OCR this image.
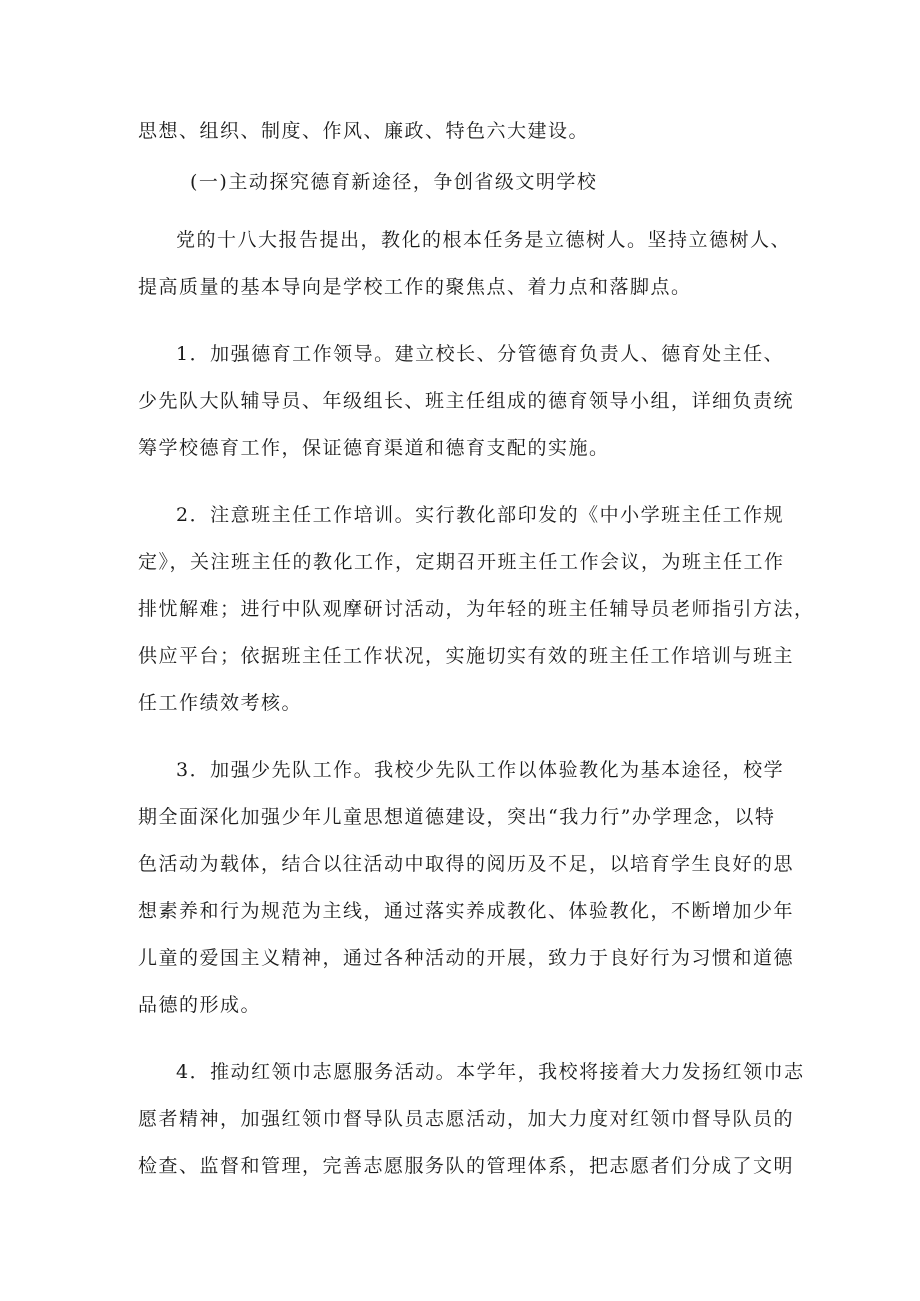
思想、组织、制度、作风、廉政、特色六大建设。
(一)主动探究德育新途径，争创省级文明学校
党的十八大报告提出，教化的根本任务是立德树人。坚持立德树人、
提高质量的基本导向是学校工作的聚焦点、着力点和落脚点。
1．加强德育工作领导。建立校长、分管德育负责人、德育处主任、
少先队大队辅导员、年级组长、班主任组成的德育领导小组，详细负责统
筹学校德育工作，保证德育渠道和德育支配的实施。
2．注意班主任工作培训。实行教化部印发的《中小学班主任工作规
定》，关注班主任的教化工作，定期召开班主任工作会议，为班主任工作
排忧解难；进行中队观摩研讨活动，为年轻的班主任辅导员老师指引方法，
供应平台；依据班主任工作状况，实施切实有效的班主任工作培训与班主
任工作绩效考核。
3．加强少先队工作。我校少先队工作以体验教化为基本途径，校学
期全面深化加强少年儿童思想道德建设，突出“我力行”办学理念，以特
色活动为载体，结合以往活动中取得的阅历及不足，以培育学生良好的思
想素养和行为规范为主线，通过落实养成教化、体验教化，不断增加少年
儿童的爱国主义精神，通过各种活动的开展，致力于良好行为习惯和道德
品德的形成。
4．推动红领巾志愿服务活动。本学年，我校将接着大力发扬红领巾志
愿者精神，加强红领巾督导队员志愿活动，加大力度对红领巾督导队员的
检查、监督和管理，完善志愿服务队的管理体系，把志愿者们分成了文明
